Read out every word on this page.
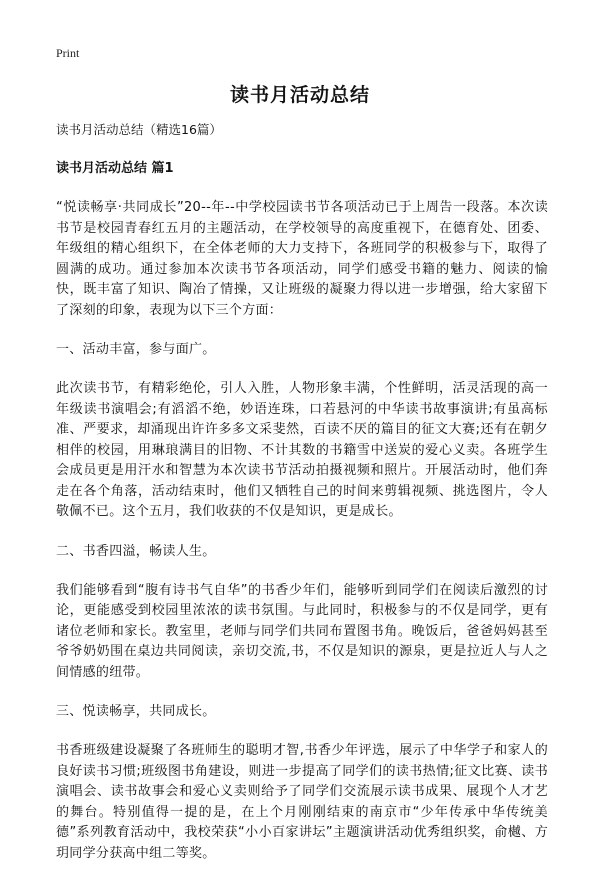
Print
读书月活动总结
读书月活动总结（精选16篇）
读书月活动总结 篇1

“悦读畅享·共同成长”20--年--中学校园读书节各项活动已于上周告一段落。本次读书节是校园青春红五月的主题活动，在学校领导的高度重视下，在德育处、团委、年级组的精心组织下，在全体老师的大力支持下，各班同学的积极参与下，取得了圆满的成功。通过参加本次读书节各项活动，同学们感受书籍的魅力、阅读的愉快，既丰富了知识、陶冶了情操，又让班级的凝聚力得以进一步增强，给大家留下了深刻的印象，表现为以下三个方面：

一、活动丰富，参与面广。

此次读书节，有精彩绝伦，引人入胜，人物形象丰满，个性鲜明，活灵活现的高一年级读书演唱会;有滔滔不绝，妙语连珠，口若悬河的中华读书故事演讲;有虽高标准、严要求，却涌现出许许多多文采斐然，百读不厌的篇目的征文大赛;还有在朝夕相伴的校园，用琳琅满目的旧物、不计其数的书籍雪中送炭的爱心义卖。各班学生会成员更是用汗水和智慧为本次读书节活动拍摄视频和照片。开展活动时，他们奔走在各个角落，活动结束时，他们又牺牲自己的时间来剪辑视频、挑选图片，令人敬佩不已。这个五月，我们收获的不仅是知识，更是成长。

二、书香四溢，畅读人生。

我们能够看到“腹有诗书气自华”的书香少年们，能够听到同学们在阅读后激烈的讨论，更能感受到校园里浓浓的读书氛围。与此同时，积极参与的不仅是同学，更有诸位老师和家长。教室里，老师与同学们共同布置图书角。晚饭后，爸爸妈妈甚至爷爷奶奶围在桌边共同阅读，亲切交流,书，不仅是知识的源泉，更是拉近人与人之间情感的纽带。

三、悦读畅享，共同成长。

书香班级建设凝聚了各班师生的聪明才智,书香少年评选，展示了中华学子和家人的良好读书习惯;班级图书角建设，则进一步提高了同学们的读书热情;征文比赛、读书演唱会、读书故事会和爱心义卖则给予了同学们交流展示读书成果、展现个人才艺的舞台。特别值得一提的是，在上个月刚刚结束的南京市“少年传承中华传统美德”系列教育活动中，我校荣获“小小百家讲坛”主题演讲活动优秀组织奖，俞樾、方玥同学分获高中组二等奖。
